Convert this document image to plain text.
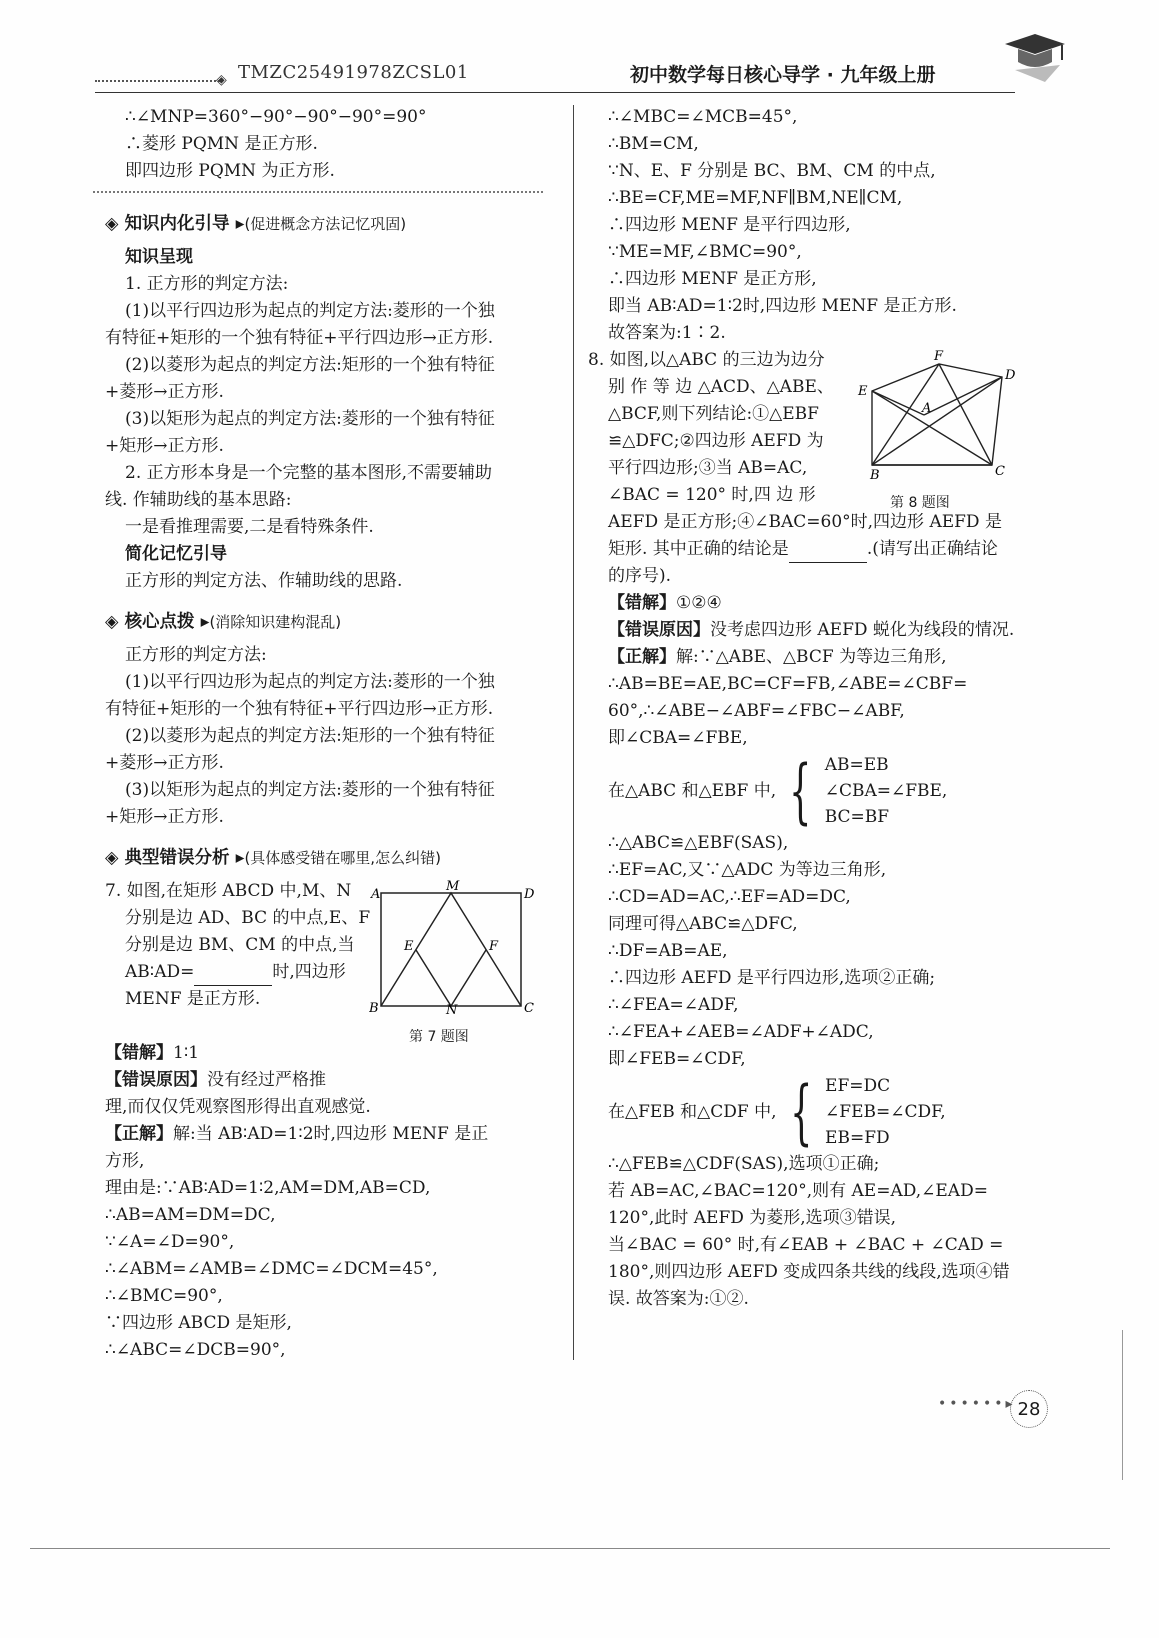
◈ TMZC25491978ZCSL01	初中数学每日核心导学 · 九年级上册

∴∠MNP=360°−90°−90°−90°=90°

∴菱形 PQMN 是正方形.

即四边形 PQMN 为正方形.

◈ 知识内化引导 ▸(促进概念方法记忆巩固)

知识呈现

1. 正方形的判定方法:

(1)以平行四边形为起点的判定方法:菱形的一个独

有特征+矩形的一个独有特征+平行四边形→正方形.

(2)以菱形为起点的判定方法:矩形的一个独有特征

+菱形→正方形.

(3)以矩形为起点的判定方法:菱形的一个独有特征

+矩形→正方形.

2. 正方形本身是一个完整的基本图形,不需要辅助

线. 作辅助线的基本思路:

一是看推理需要,二是看特殊条件.

简化记忆引导

正方形的判定方法、作辅助线的思路.

◈ 核心点拨 ▸(消除知识建构混乱)

正方形的判定方法:

(1)以平行四边形为起点的判定方法:菱形的一个独

有特征+矩形的一个独有特征+平行四边形→正方形.

(2)以菱形为起点的判定方法:矩形的一个独有特征

+菱形→正方形.

(3)以矩形为起点的判定方法:菱形的一个独有特征

+矩形→正方形.

◈ 典型错误分析 ▸(具体感受错在哪里,怎么纠错)

7. 如图,在矩形 ABCD 中,M、N

分别是边 AD、BC 的中点,E、F

分别是边 BM、CM 的中点,当

AB∶AD=	时,四边形

MENF 是正方形.

A
M
D
E	F
B	N	C
第 7 题图

【错解】1∶1

【错误原因】没有经过严格推

理,而仅仅凭观察图形得出直观感觉.

【正解】解:当 AB∶AD=1∶2时,四边形 MENF 是正

方形,

理由是:∵AB∶AD=1∶2,AM=DM,AB=CD,

∴AB=AM=DM=DC,

∵∠A=∠D=90°,

∴∠ABM=∠AMB=∠DMC=∠DCM=45°,

∴∠BMC=90°,

∵四边形 ABCD 是矩形,

∴∠ABC=∠DCB=90°,

∴∠MBC=∠MCB=45°,

∴BM=CM,

∵N、E、F 分别是 BC、BM、CM 的中点,

∴BE=CF,ME=MF,NF∥BM,NE∥CM,

∴四边形 MENF 是平行四边形,

∵ME=MF,∠BMC=90°,

∴四边形 MENF 是正方形,

即当 AB∶AD=1∶2时,四边形 MENF 是正方形.

故答案为:1∶2.

8. 如图,以△ABC 的三边为边分

别 作 等 边 △ACD、△ABE、

△BCF,则下列结论:①△EBF

≌△DFC;②四边形 AEFD 为

平行四边形;③当 AB=AC,

∠BAC = 120° 时,四 边 形

AEFD 是正方形;④∠BAC=60°时,四边形 AEFD 是

矩形. 其中正确的结论是	.(请写出正确结论

的序号).

F
D
E
A
B	C
第 8 题图

【错解】①②④

【错误原因】没考虑四边形 AEFD 蜕化为线段的情况.

【正解】解:∵△ABE、△BCF 为等边三角形,

∴AB=BE=AE,BC=CF=FB,∠ABE=∠CBF=

60°,∴∠ABE−∠ABF=∠FBC−∠ABF,

即∠CBA=∠FBE,

在△ABC 和△EBF 中, { AB=EB

∠CBA=∠FBE,

BC=BF

∴△ABC≌△EBF(SAS),

∴EF=AC,又∵△ADC 为等边三角形,

∴CD=AD=AC,∴EF=AD=DC,

同理可得△ABC≌△DFC,

∴DF=AB=AE,

∴四边形 AEFD 是平行四边形,选项②正确;

∴∠FEA=∠ADF,

∴∠FEA+∠AEB=∠ADF+∠ADC,

即∠FEB=∠CDF,

在△FEB 和△CDF 中, { EF=DC

∠FEB=∠CDF,

EB=FD

∴△FEB≌△CDF(SAS),选项①正确;

若 AB=AC,∠BAC=120°,则有 AE=AD,∠EAD=

120°,此时 AEFD 为菱形,选项③错误,

当∠BAC = 60° 时,有∠EAB + ∠BAC + ∠CAD =

180°,则四边形 AEFD 变成四条共线的线段,选项④错

误. 故答案为:①②.

••••••▸ 28
